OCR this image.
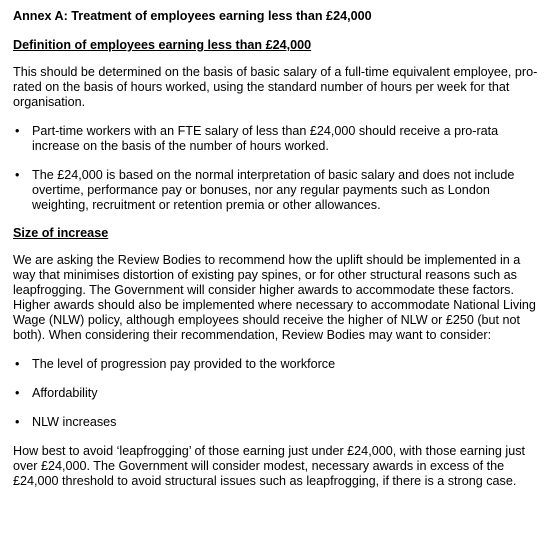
Annex A: Treatment of employees earning less than £24,000
Definition of employees earning less than £24,000
This should be determined on the basis of basic salary of a full-time equivalent employee, pro-rated on the basis of hours worked, using the standard number of hours per week for that organisation.
• Part-time workers with an FTE salary of less than £24,000 should receive a pro-rata increase on the basis of the number of hours worked.
• The £24,000 is based on the normal interpretation of basic salary and does not include overtime, performance pay or bonuses, nor any regular payments such as London weighting, recruitment or retention premia or other allowances.
Size of increase
We are asking the Review Bodies to recommend how the uplift should be implemented in a way that minimises distortion of existing pay spines, or for other structural reasons such as leapfrogging. The Government will consider higher awards to accommodate these factors. Higher awards should also be implemented where necessary to accommodate National Living Wage (NLW) policy, although employees should receive the higher of NLW or £250 (but not both). When considering their recommendation, Review Bodies may want to consider:
• The level of progression pay provided to the workforce
• Affordability
• NLW increases
How best to avoid ‘leapfrogging’ of those earning just under £24,000, with those earning just over £24,000. The Government will consider modest, necessary awards in excess of the £24,000 threshold to avoid structural issues such as leapfrogging, if there is a strong case.
